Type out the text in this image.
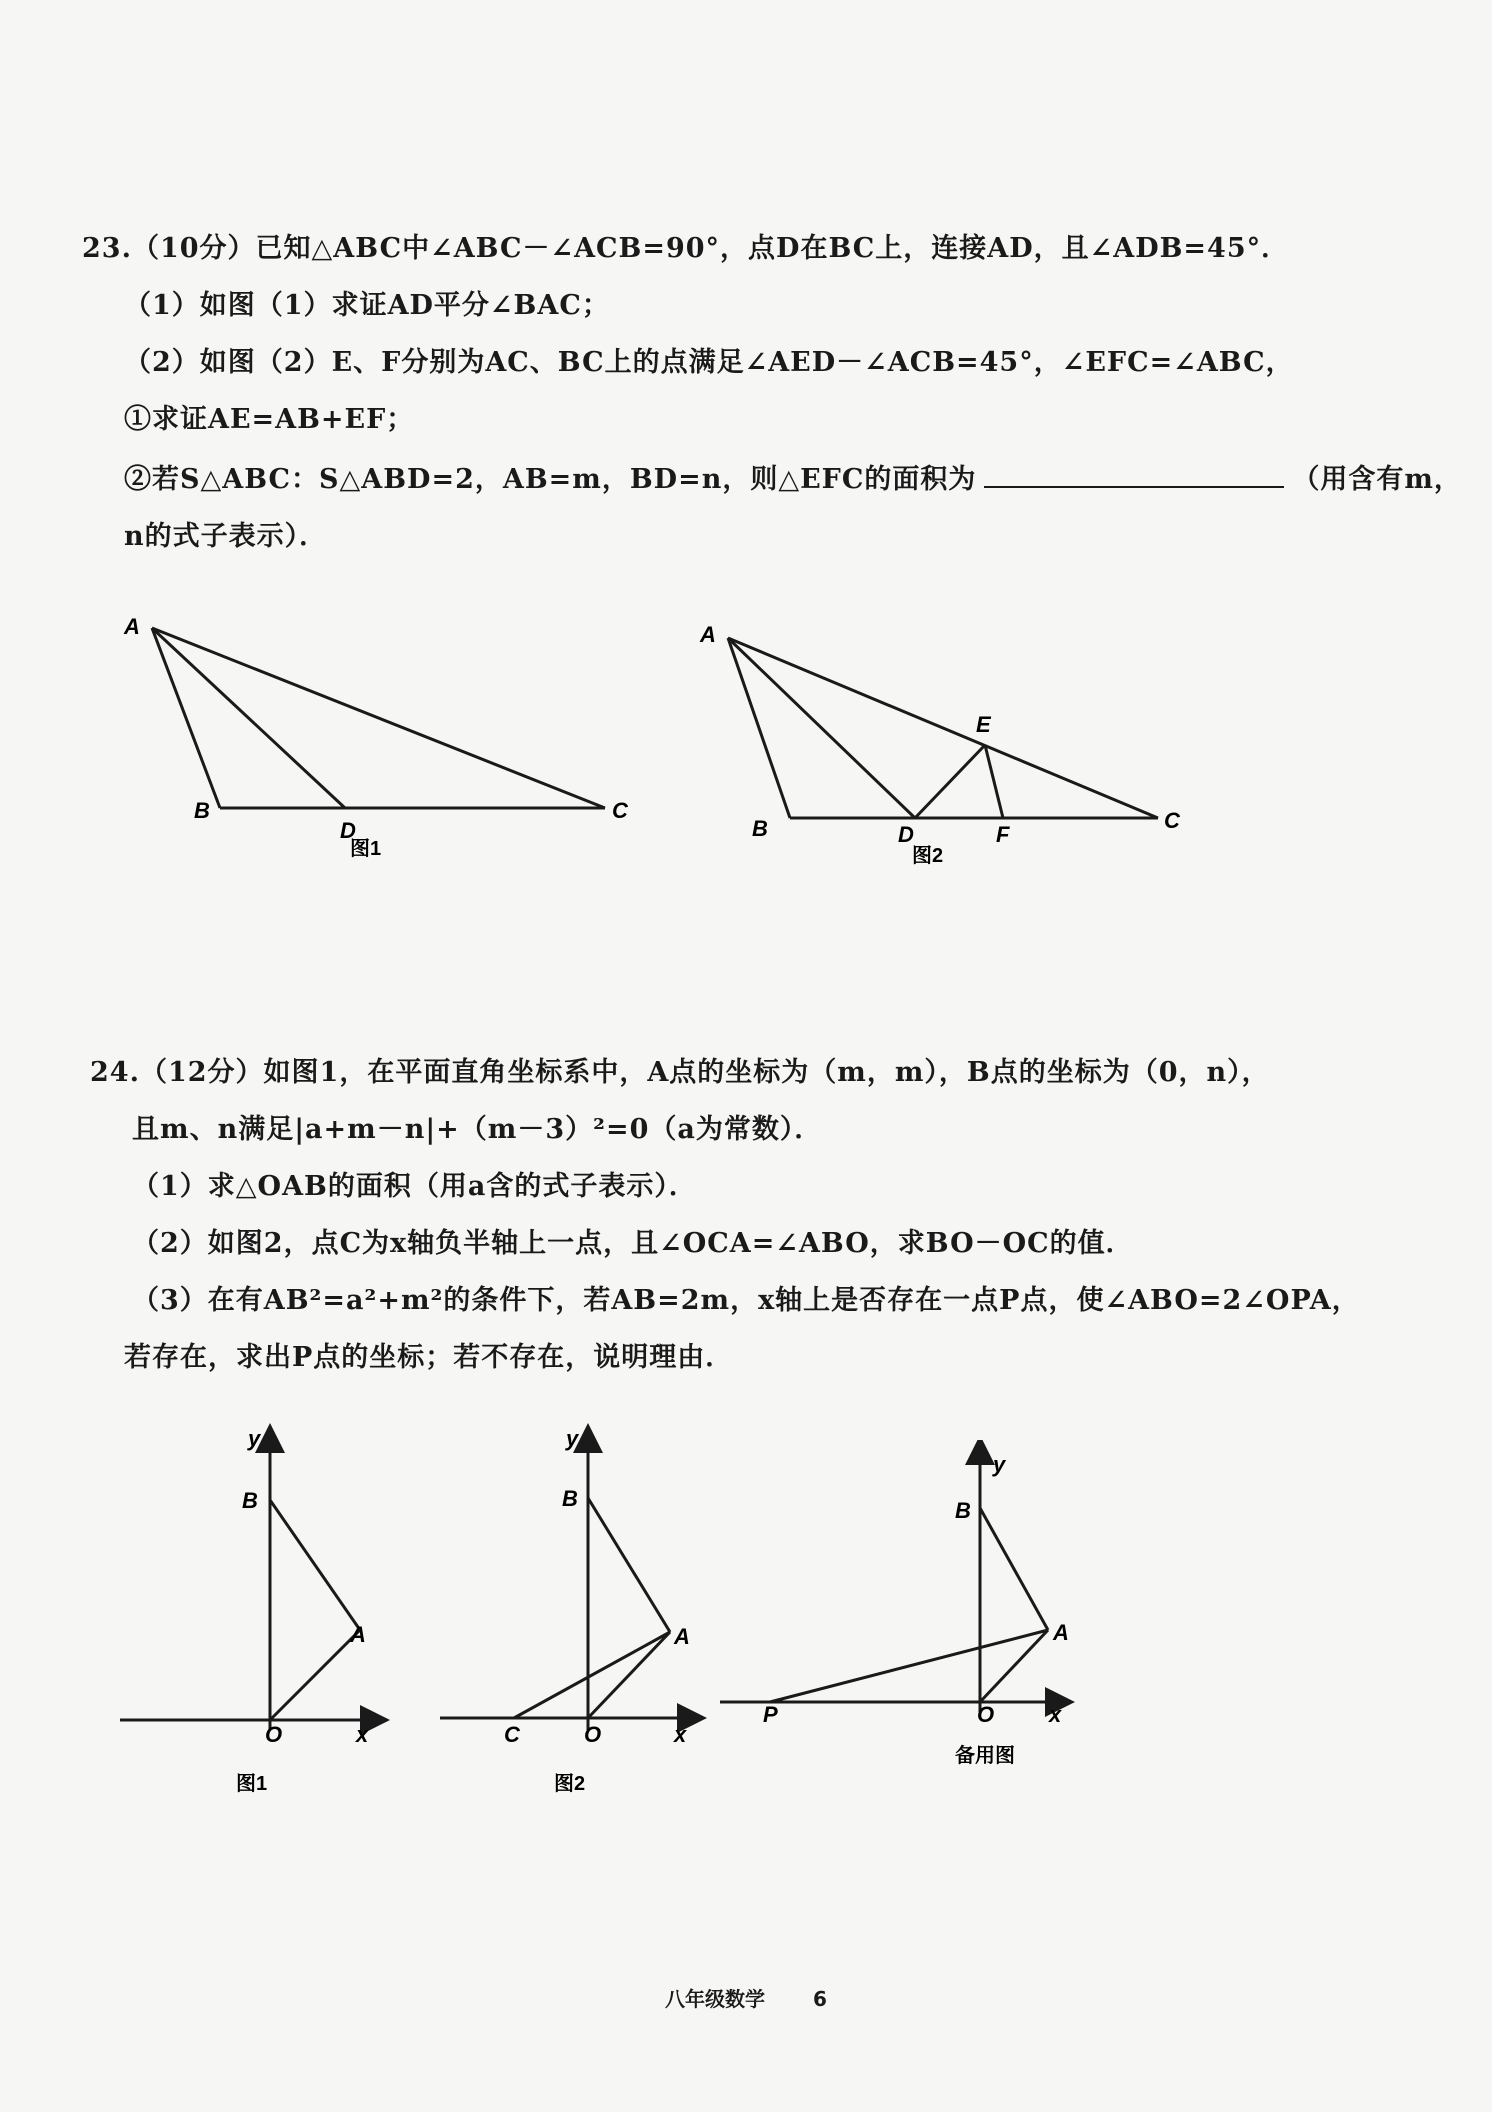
23.（10分）已知△ABC中∠ABC－∠ACB=90°，点D在BC上，连接AD，且∠ADB=45°．
（1）如图（1）求证AD平分∠BAC；
（2）如图（2）E、F分别为AC、BC上的点满足∠AED－∠ACB=45°，∠EFC=∠ABC，
①求证AE=AB+EF；
②若S△ABC：S△ABD=2，AB=m，BD=n，则△EFC的面积为	（用含有m，
n的式子表示）．
A
B	C
D
图1
A
B	C
D
E
F
图2
24.（12分）如图1，在平面直角坐标系中，A点的坐标为（m，m），B点的坐标为（0，n），
且m、n满足|a+m－n|+（m－3）²=0（a为常数）．
（1）求△OAB的面积（用a含的式子表示）．
（2）如图2，点C为x轴负半轴上一点，且∠OCA=∠ABO，求BO－OC的值．
（3）在有AB²=a²+m²的条件下，若AB=2m，x轴上是否存在一点P点，使∠ABO=2∠OPA，
若存在，求出P点的坐标；若不存在，说明理由．
y
B
A
O	x
图1
y
B
A
C	O	x
图2
y
B
A
P	O x
备用图
八年级数学 6
